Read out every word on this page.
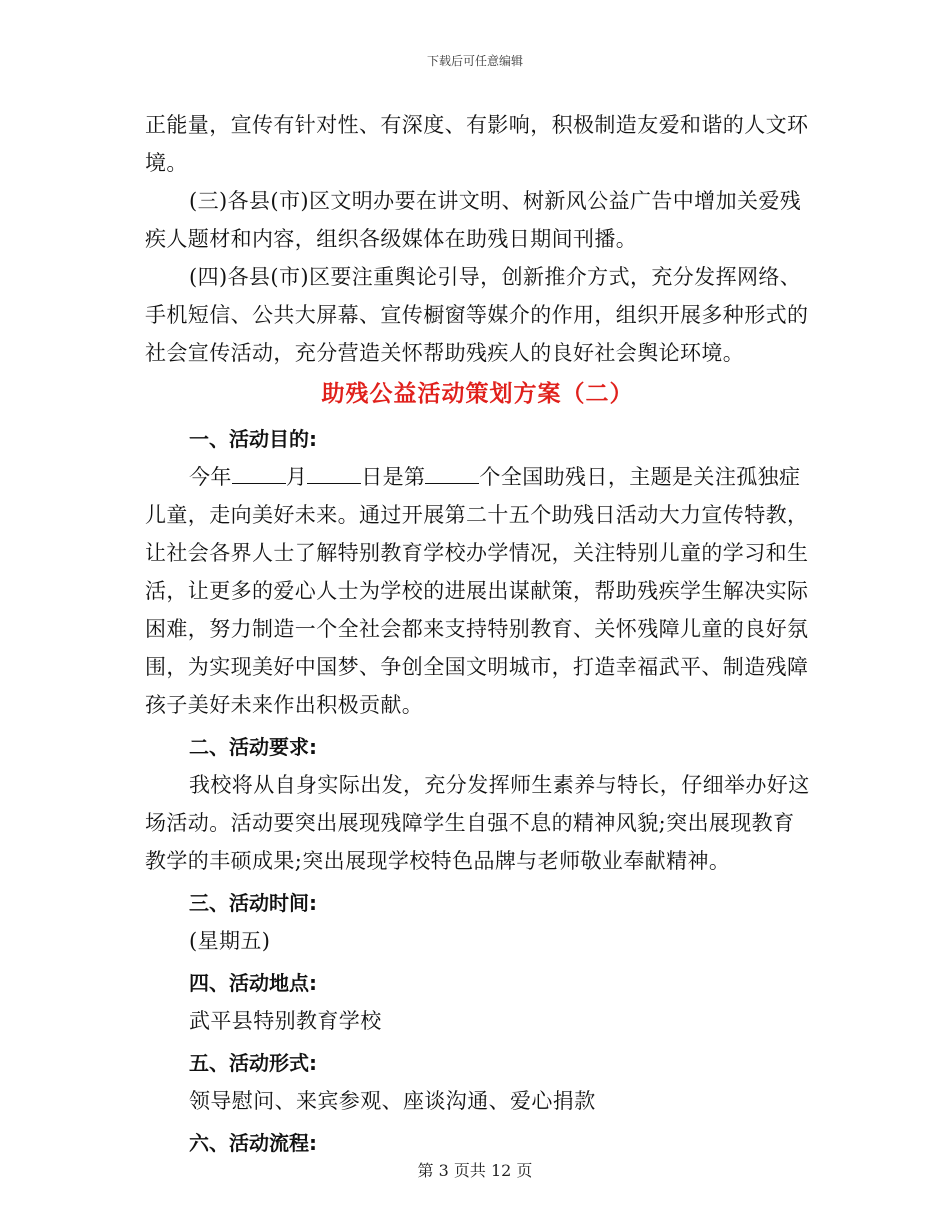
下载后可任意编辑

正能量，宣传有针对性、有深度、有影响，积极制造友爱和谐的人文环境。

(三)各县(市)区文明办要在讲文明、树新风公益广告中增加关爱残疾人题材和内容，组织各级媒体在助残日期间刊播。

(四)各县(市)区要注重舆论引导，创新推介方式，充分发挥网络、手机短信、公共大屏幕、宣传橱窗等媒介的作用，组织开展多种形式的社会宣传活动，充分营造关怀帮助残疾人的良好社会舆论环境。

助残公益活动策划方案（二）
一、活动目的:

今年	月	日是第	个全国助残日，主题是关注孤独症儿童，走向美好未来。通过开展第二十五个助残日活动大力宣传特教，让社会各界人士了解特别教育学校办学情况，关注特别儿童的学习和生活，让更多的爱心人士为学校的进展出谋献策，帮助残疾学生解决实际困难，努力制造一个全社会都来支持特别教育、关怀残障儿童的良好氛围，为实现美好中国梦、争创全国文明城市，打造幸福武平、制造残障孩子美好未来作出积极贡献。

二、活动要求:

我校将从自身实际出发，充分发挥师生素养与特长，仔细举办好这场活动。活动要突出展现残障学生自强不息的精神风貌;突出展现教育教学的丰硕成果;突出展现学校特色品牌与老师敬业奉献精神。

三、活动时间:

(星期五)

四、活动地点:

武平县特别教育学校

五、活动形式:

领导慰问、来宾参观、座谈沟通、爱心捐款

六、活动流程:
第 3 页共 12 页
